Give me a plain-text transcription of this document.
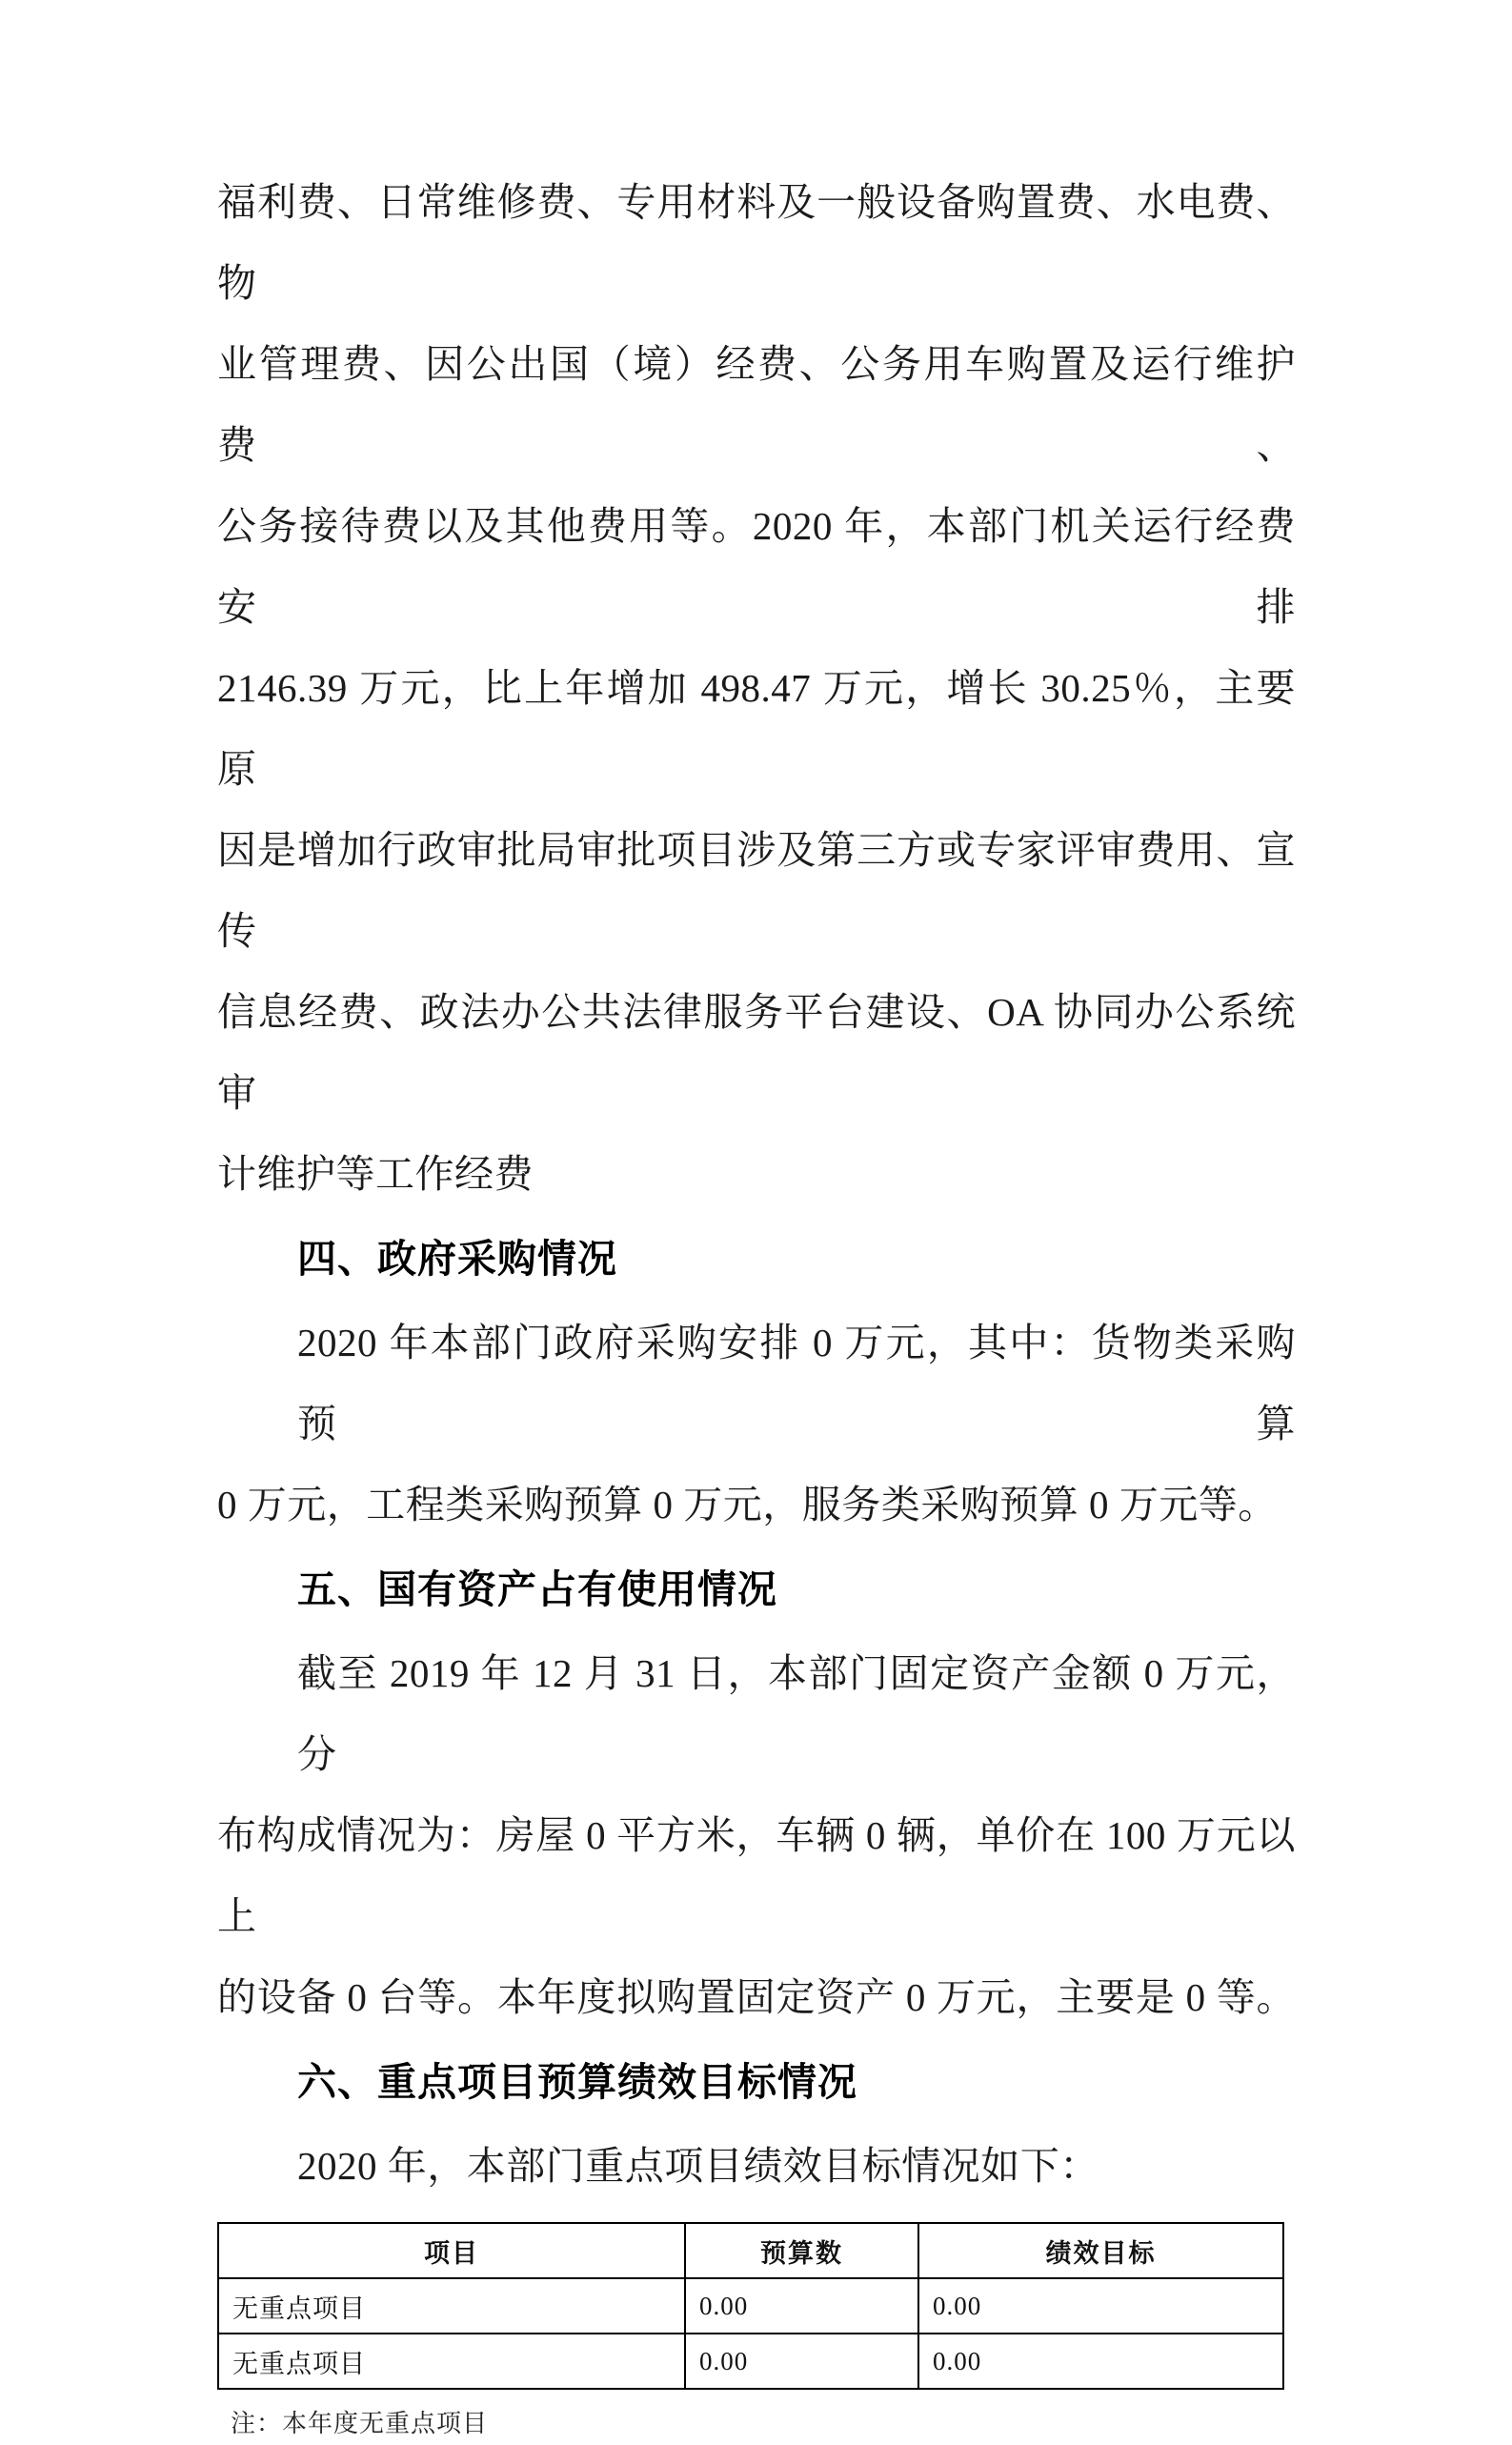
福利费、日常维修费、专用材料及一般设备购置费、水电费、物
业管理费、因公出国（境）经费、公务用车购置及运行维护费、
公务接待费以及其他费用等。2020 年，本部门机关运行经费安排
2146.39 万元，比上年增加 498.47 万元，增长 30.25％，主要原
因是增加行政审批局审批项目涉及第三方或专家评审费用、宣传
信息经费、政法办公共法律服务平台建设、OA 协同办公系统审
计维护等工作经费
四、政府采购情况
2020 年本部门政府采购安排 0 万元，其中：货物类采购预算
0 万元，工程类采购预算 0 万元，服务类采购预算 0 万元等。
五、国有资产占有使用情况
截至 2019 年 12 月 31 日，本部门固定资产金额 0 万元，分
布构成情况为：房屋 0 平方米，车辆 0 辆，单价在 100 万元以上
的设备 0 台等。本年度拟购置固定资产 0 万元，主要是 0 等。
六、重点项目预算绩效目标情况
2020 年，本部门重点项目绩效目标情况如下：
项目	预算数	绩效目标
无重点项目	0.00	0.00
无重点项目	0.00	0.00
注：本年度无重点项目
